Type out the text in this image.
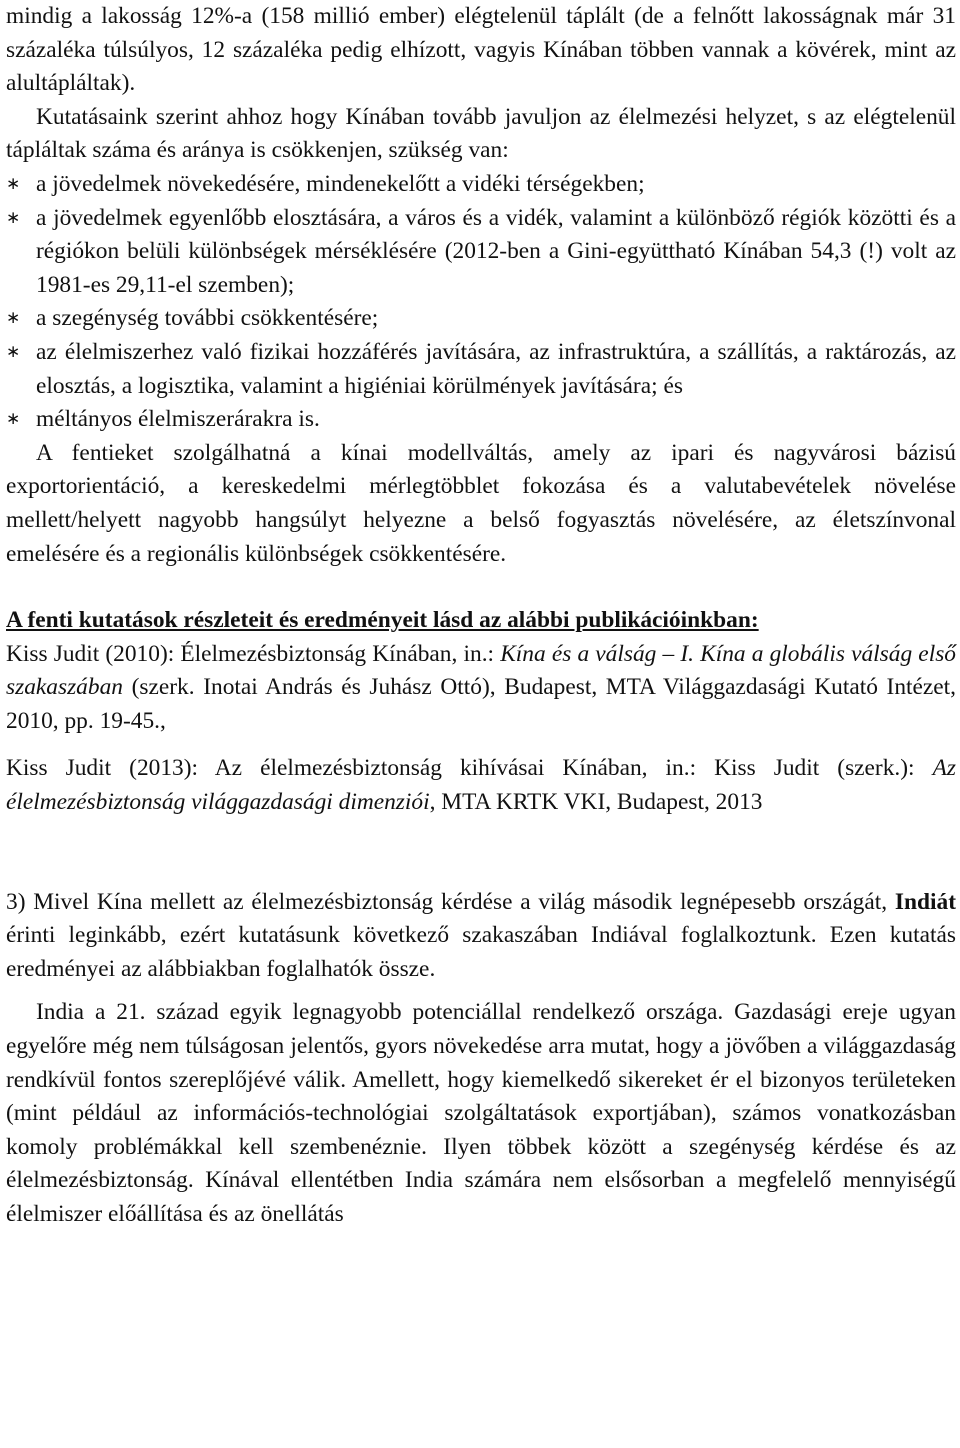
mindig a lakosság 12%-a (158 millió ember) elégtelenül táplált (de a felnőtt lakosságnak már 31 százaléka túlsúlyos, 12 százaléka pedig elhízott, vagyis Kínában többen vannak a kövérek, mint az alultápláltak).

Kutatásaink szerint ahhoz hogy Kínában tovább javuljon az élelmezési helyzet, s az elégtelenül tápláltak száma és aránya is csökkenjen, szükség van:

∗ a jövedelmek növekedésére, mindenekelőtt a vidéki térségekben;
∗ a jövedelmek egyenlőbb elosztására, a város és a vidék, valamint a különböző régiók közötti és a régiókon belüli különbségek mérséklésére (2012-ben a Gini-együttható Kínában 54,3 (!) volt az 1981-es 29,11-el szemben);
∗ a szegénység további csökkentésére;
∗ az élelmiszerhez való fizikai hozzáférés javítására, az infrastruktúra, a szállítás, a raktározás, az elosztás, a logisztika, valamint a higiéniai körülmények javítására; és
∗ méltányos élelmiszerárakra is.

A fentieket szolgálhatná a kínai modellváltás, amely az ipari és nagyvárosi bázisú exportorientáció, a kereskedelmi mérlegtöbblet fokozása és a valutabevételek növelése mellett/helyett nagyobb hangsúlyt helyezne a belső fogyasztás növelésére, az életszínvonal emelésére és a regionális különbségek csökkentésére.

A fenti kutatások részleteit és eredményeit lásd az alábbi publikációinkban:

Kiss Judit (2010): Élelmezésbiztonság Kínában, in.: Kína és a válság – I. Kína a globális válság első szakaszában (szerk. Inotai András és Juhász Ottó), Budapest, MTA Világgazdasági Kutató Intézet, 2010, pp. 19-45.,

Kiss Judit (2013): Az élelmezésbiztonság kihívásai Kínában, in.: Kiss Judit (szerk.): Az élelmezésbiztonság világgazdasági dimenziói, MTA KRTK VKI, Budapest, 2013

3) Mivel Kína mellett az élelmezésbiztonság kérdése a világ második legnépesebb országát, Indiát érinti leginkább, ezért kutatásunk következő szakaszában Indiával foglalkoztunk. Ezen kutatás eredményei az alábbiakban foglalhatók össze.

India a 21. század egyik legnagyobb potenciállal rendelkező országa. Gazdasági ereje ugyan egyelőre még nem túlságosan jelentős, gyors növekedése arra mutat, hogy a jövőben a világgazdaság rendkívül fontos szereplőjévé válik. Amellett, hogy kiemelkedő sikereket ér el bizonyos területeken (mint például az információs-technológiai szolgáltatások exportjában), számos vonatkozásban komoly problémákkal kell szembenéznie. Ilyen többek között a szegénység kérdése és az élelmezésbiztonság. Kínával ellentétben India számára nem elsősorban a megfelelő mennyiségű élelmiszer előállítása és az önellátás
